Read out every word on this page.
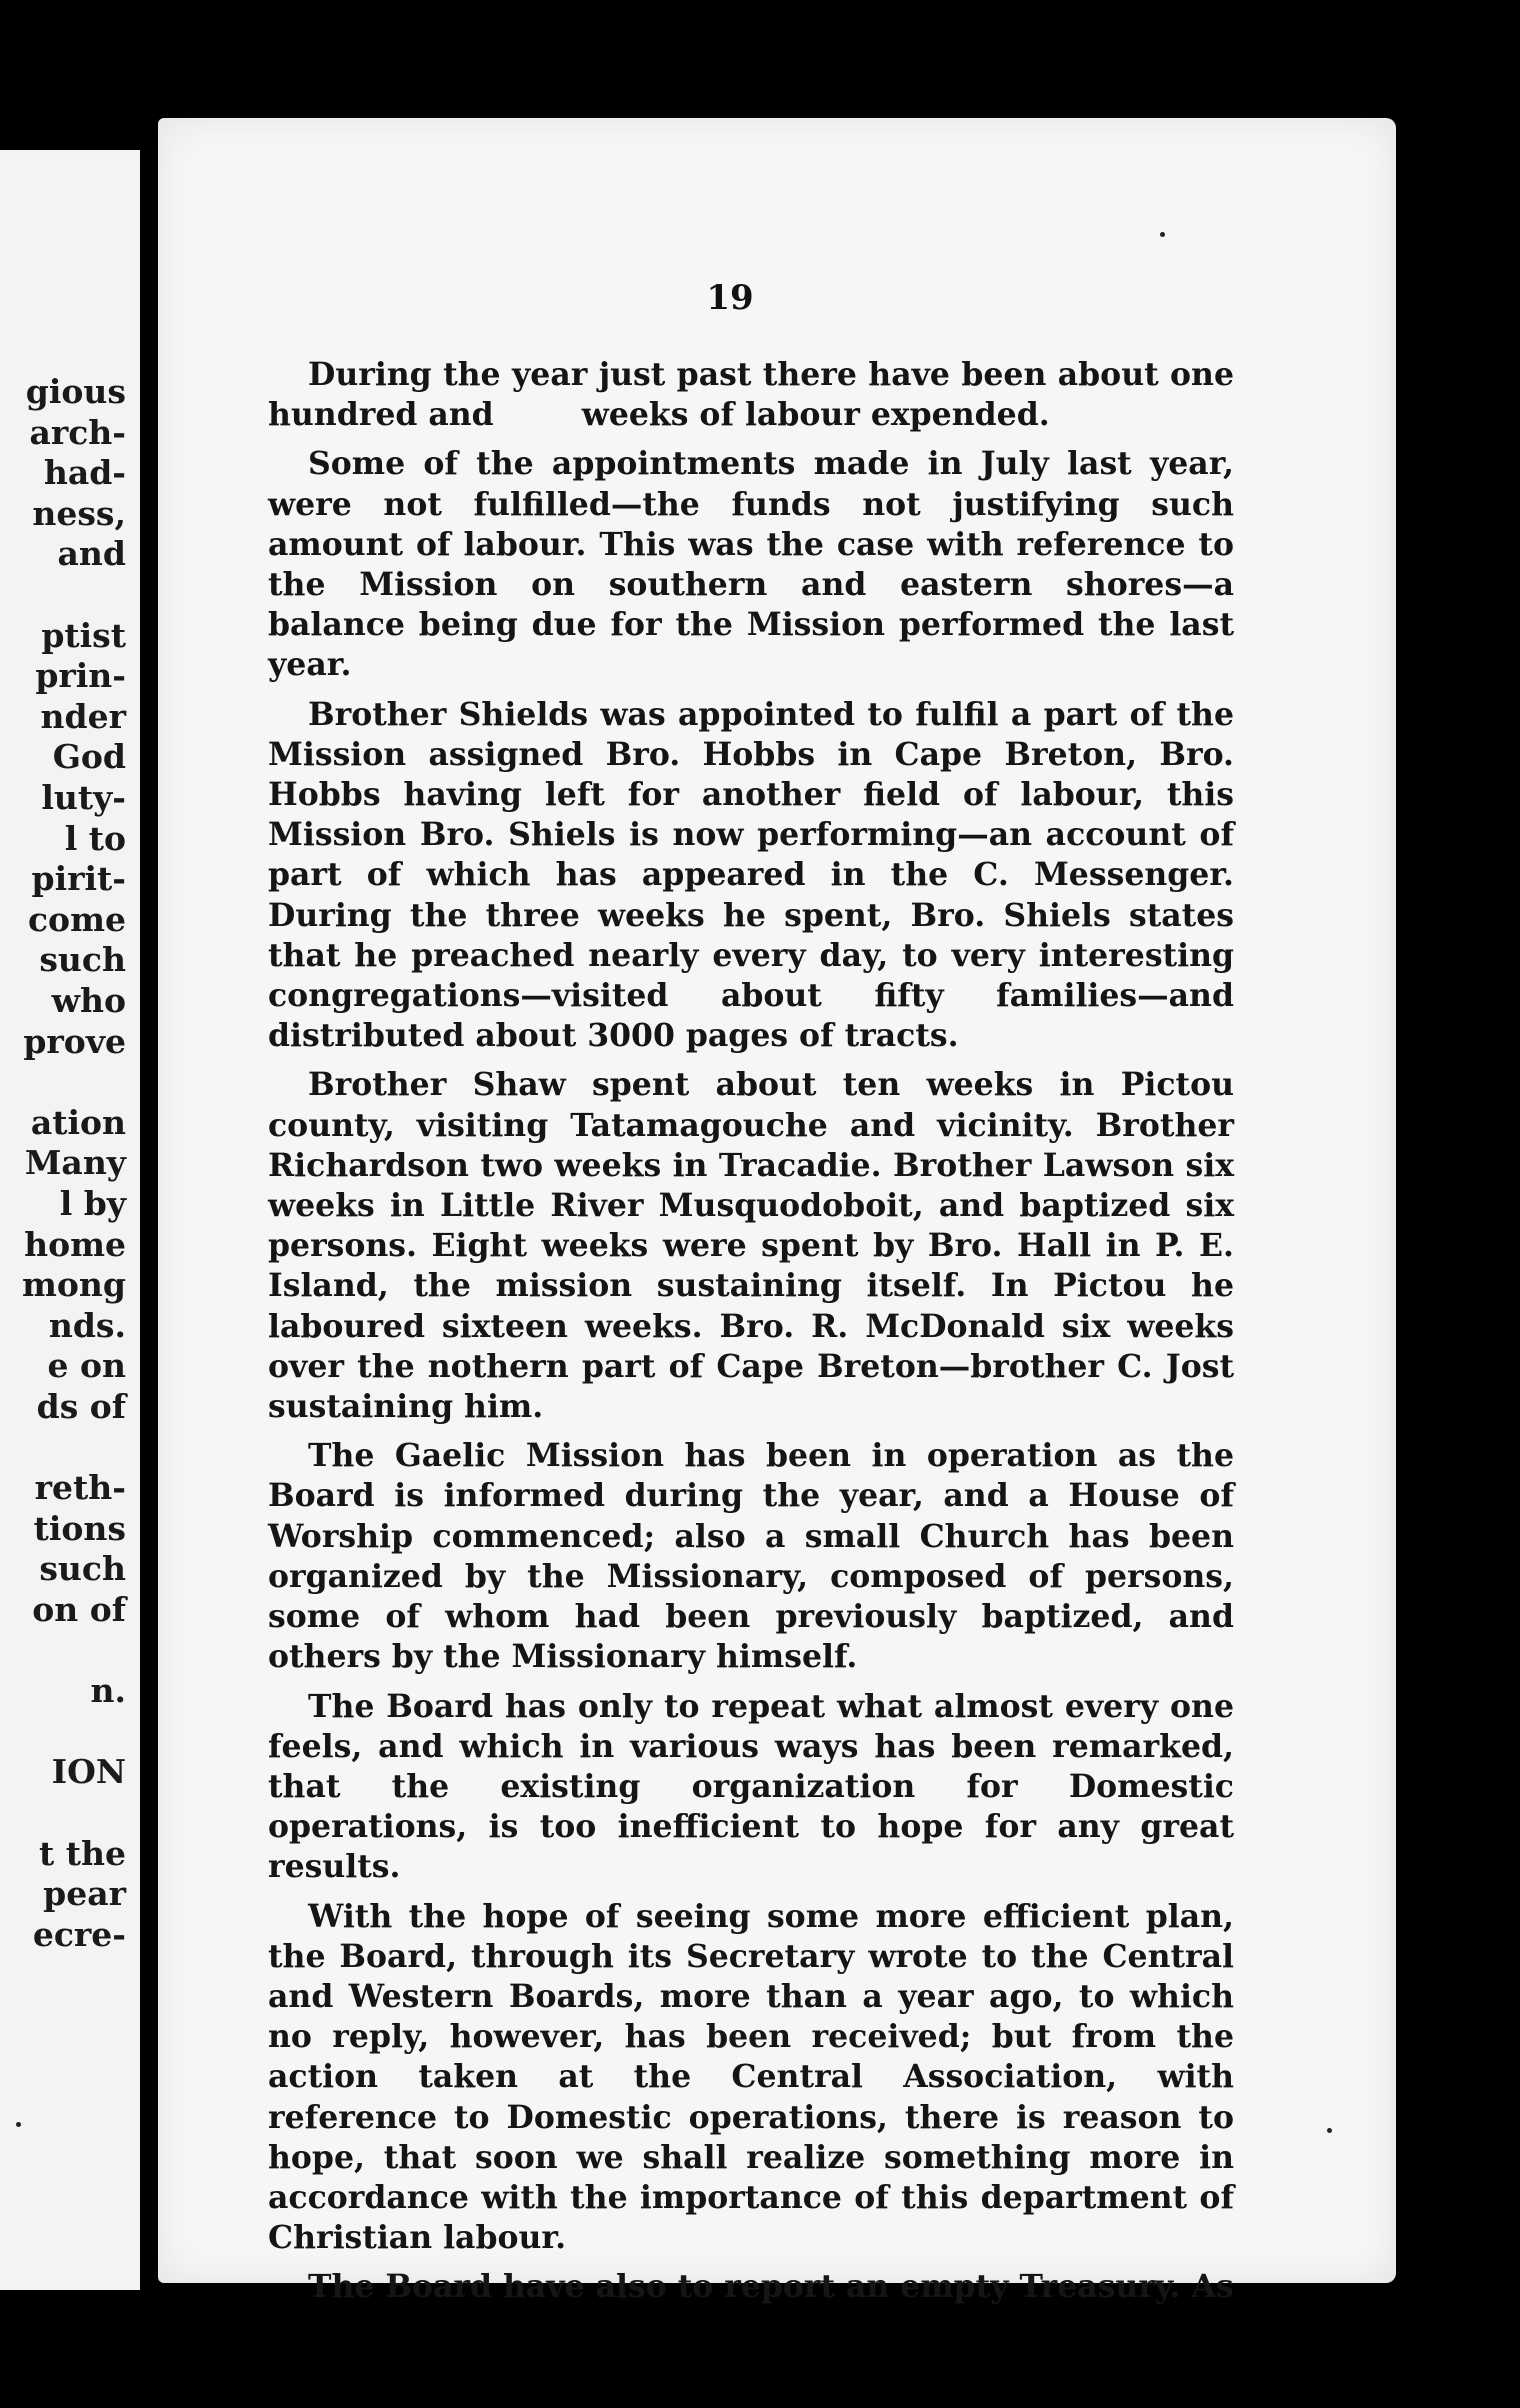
gious
arch-
had-
ness,
and
ptist
prin-
nder
God
luty-
l to
pirit-
come
such
who
prove
ation
Many
l by
home
mong
nds.
e on
ds of
reth-
tions
such
on of
n.
ION
t the
pear
ecre-
19

During the year just past there have been about one hundred and	weeks of labour expended.

Some of the appointments made in July last year, were not fulfilled—the funds not justifying such amount of labour. This was the case with reference to the Mission on southern and eastern shores—a balance being due for the Mission performed the last year.

Brother Shields was appointed to fulfil a part of the Mission assigned Bro. Hobbs in Cape Breton, Bro. Hobbs having left for another field of labour, this Mission Bro. Shiels is now performing—an account of part of which has appeared in the C. Messenger. During the three weeks he spent, Bro. Shiels states that he preached nearly every day, to very interesting congregations—visited about fifty families—and distributed about 3000 pages of tracts.

Brother Shaw spent about ten weeks in Pictou county, visiting Tatamagouche and vicinity. Brother Richardson two weeks in Tracadie. Brother Lawson six weeks in Little River Musquodoboit, and baptized six persons. Eight weeks were spent by Bro. Hall in P. E. Island, the mission sustaining itself. In Pictou he laboured sixteen weeks. Bro. R. McDonald six weeks over the nothern part of Cape Breton—brother C. Jost sustaining him.

The Gaelic Mission has been in operation as the Board is informed during the year, and a House of Worship commenced; also a small Church has been organized by the Missionary, composed of persons, some of whom had been previously baptized, and others by the Missionary himself.

The Board has only to repeat what almost every one feels, and which in various ways has been remarked, that the existing organization for Domestic operations, is too inefficient to hope for any great results.

With the hope of seeing some more efficient plan, the Board, through its Secretary wrote to the Central and Western Boards, more than a year ago, to which no reply, however, has been received; but from the action taken at the Central Association, with reference to Domestic operations, there is reason to hope, that soon we shall realize something more in accordance with the importance of this department of Christian labour.

The Board have also to report an empty Treasury. As
